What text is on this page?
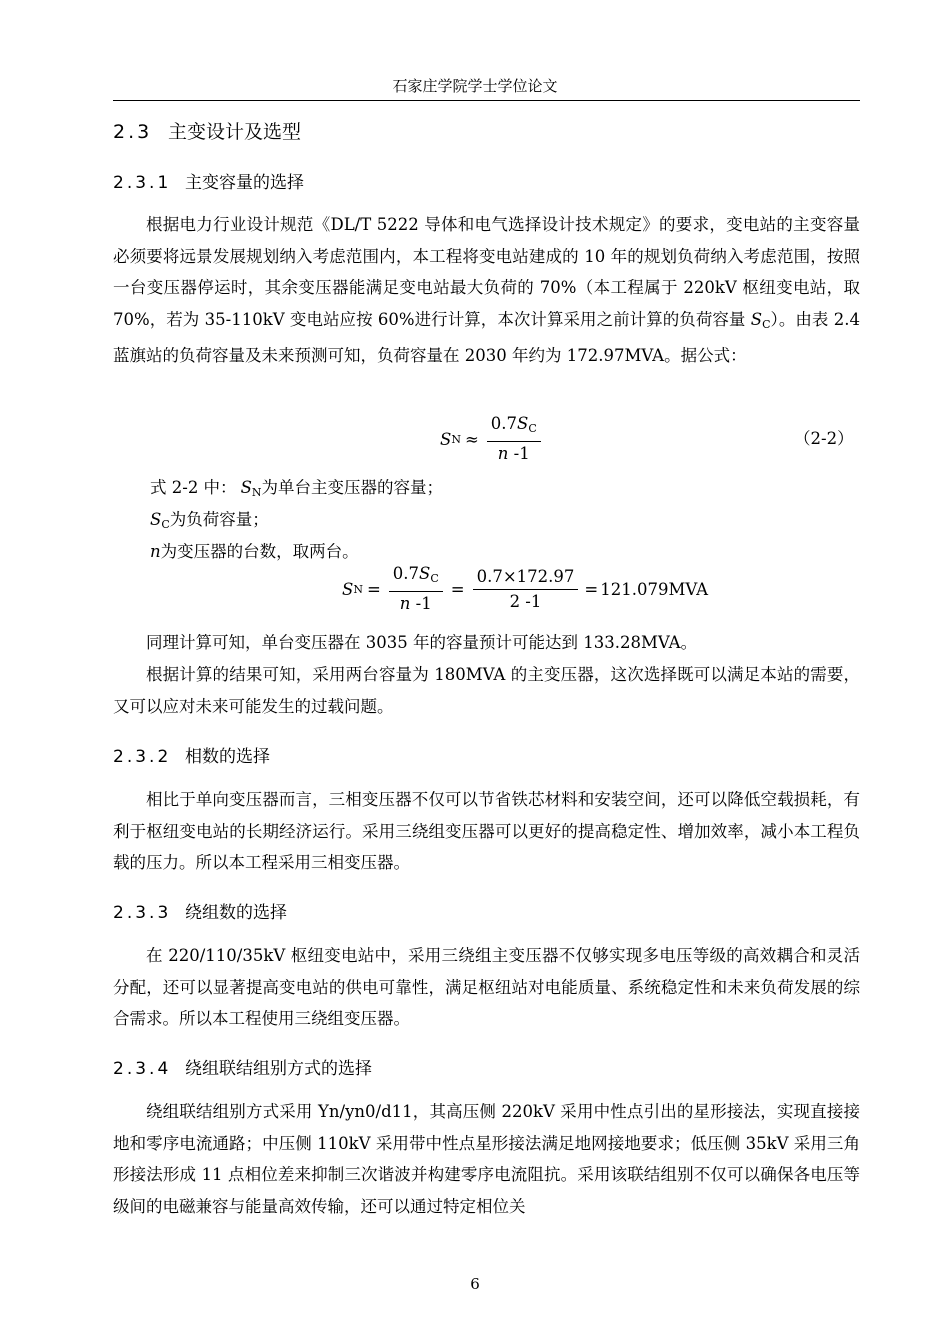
石家庄学院学士学位论文
2.3 主变设计及选型
2.3.1 主变容量的选择

根据电力行业设计规范《DL/T 5222 导体和电气选择设计技术规定》的要求，变电站的主变容量必须要将远景发展规划纳入考虑范围内，本工程将变电站建成的 10 年的规划负荷纳入考虑范围，按照一台变压器停运时，其余变压器能满足变电站最大负荷的 70%（本工程属于 220kV 枢纽变电站，取 70%，若为 35-110kV 变电站应按 60%进行计算，本次计算采用之前计算的负荷容量 $S_C$）。由表 2.4 蓝旗站的负荷容量及未来预测可知，负荷容量在 2030 年约为 172.97MVA。据公式：

S $N \approx \frac{0.7S_C}{n -1}$	（2-2）
式 2-2 中： $S_N$为单台主变压器的容量；
$S_C$为负荷容量；
n为变压器的台数，取两台。
S $N = \frac{0.7S_C}{n -1} = \frac{0.7\times 172.97}{2 -1} = 121.079MVA$

同理计算可知，单台变压器在 3035 年的容量预计可能达到 133.28MVA。

根据计算的结果可知，采用两台容量为 180MVA 的主变压器，这次选择既可以满足本站的需要，又可以应对未来可能发生的过载问题。

2.3.2 相数的选择

相比于单向变压器而言，三相变压器不仅可以节省铁芯材料和安装空间，还可以降低空载损耗，有利于枢纽变电站的长期经济运行。采用三绕组变压器可以更好的提高稳定性、增加效率，减小本工程负载的压力。所以本工程采用三相变压器。

2.3.3 绕组数的选择

在 220/110/35kV 枢纽变电站中，采用三绕组主变压器不仅够实现多电压等级的高效耦合和灵活分配，还可以显著提高变电站的供电可靠性，满足枢纽站对电能质量、系统稳定性和未来负荷发展的综合需求。所以本工程使用三绕组变压器。

2.3.4 绕组联结组别方式的选择

绕组联结组别方式采用 Yn/yn0/d11，其高压侧 220kV 采用中性点引出的星形接法，实现直接接地和零序电流通路；中压侧 110kV 采用带中性点星形接法满足地网接地要求；低压侧 35kV 采用三角形接法形成 11 点相位差来抑制三次谐波并构建零序电流阻抗。采用该联结组别不仅可以确保各电压等级间的电磁兼容与能量高效传输，还可以通过特定相位关

6
